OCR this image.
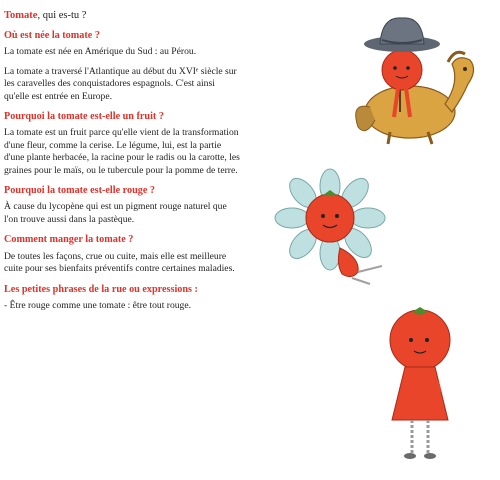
Tomate, qui es-tu ?
Où est née la tomate ?

La tomate est née en Amérique du Sud : au Pérou.

La tomate a traversé l'Atlantique au début du XVIᵉ siècle sur les caravelles des conquistadores espagnols. C'est ainsi qu'elle est entrée en Europe.

Pourquoi la tomate est-elle un fruit ?

La tomate est un fruit parce qu'elle vient de la transformation d'une fleur, comme la cerise. Le légume, lui, est la partie d'une plante herbacée, la racine pour le radis ou la carotte, les graines pour le maïs, ou le tubercule pour la pomme de terre.

Pourquoi la tomate est-elle rouge ?

À cause du lycopène qui est un pigment rouge naturel que l'on trouve aussi dans la pastèque.

Comment manger la tomate ?

De toutes les façons, crue ou cuite, mais elle est meilleure cuite pour ses bienfaits préventifs contre certaines maladies.

Les petites phrases de la rue ou expressions :

- Être rouge comme une tomate : être tout rouge.
